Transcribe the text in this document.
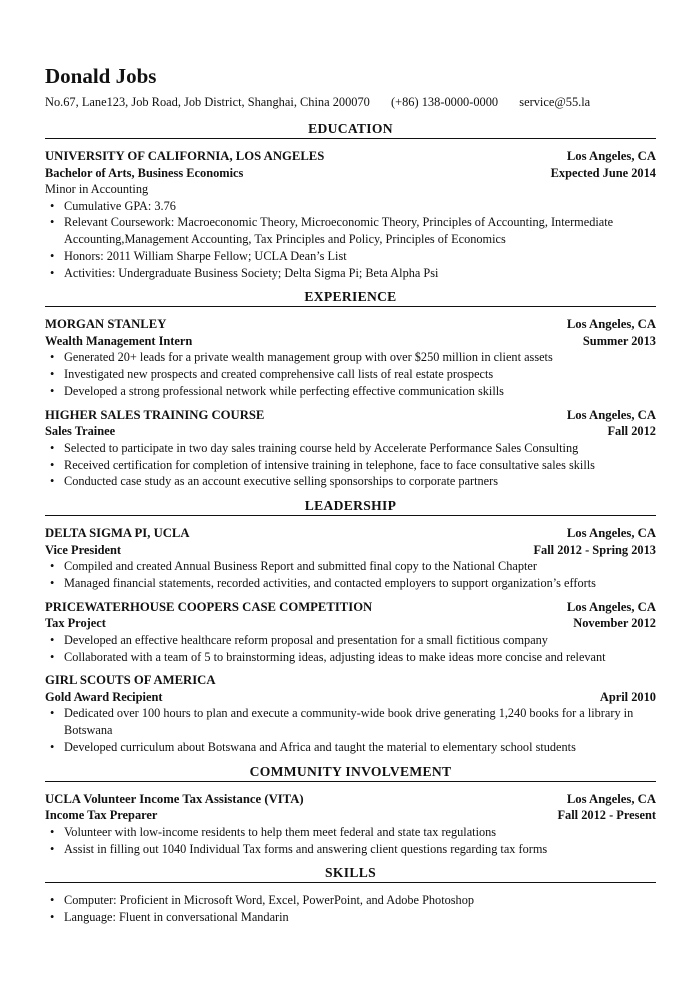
Donald Jobs
No.67, Lane123, Job Road, Job District, Shanghai, China 200070 (+86) 138-0000-0000 service@55.la
EDUCATION
UNIVERSITY OF CALIFORNIA, LOS ANGELES	Los Angeles, CA
Bachelor of Arts, Business Economics	Expected June 2014
Minor in Accounting
• Cumulative GPA: 3.76
• Relevant Coursework: Macroeconomic Theory, Microeconomic Theory, Principles of Accounting, Intermediate Accounting,Management Accounting, Tax Principles and Policy, Principles of Economics
• Honors: 2011 William Sharpe Fellow; UCLA Dean’s List
• Activities: Undergraduate Business Society; Delta Sigma Pi; Beta Alpha Psi
EXPERIENCE
MORGAN STANLEY	Los Angeles, CA
Wealth Management Intern	Summer 2013
• Generated 20+ leads for a private wealth management group with over $250 million in client assets
• Investigated new prospects and created comprehensive call lists of real estate prospects
• Developed a strong professional network while perfecting effective communication skills
HIGHER SALES TRAINING COURSE	Los Angeles, CA
Sales Trainee	Fall 2012
• Selected to participate in two day sales training course held by Accelerate Performance Sales Consulting
• Received certification for completion of intensive training in telephone, face to face consultative sales skills
• Conducted case study as an account executive selling sponsorships to corporate partners
LEADERSHIP
DELTA SIGMA PI, UCLA	Los Angeles, CA
Vice President	Fall 2012 - Spring 2013
• Compiled and created Annual Business Report and submitted final copy to the National Chapter
• Managed financial statements, recorded activities, and contacted employers to support organization’s efforts
PRICEWATERHOUSE COOPERS CASE COMPETITION	Los Angeles, CA
Tax Project	November 2012
• Developed an effective healthcare reform proposal and presentation for a small fictitious company
• Collaborated with a team of 5 to brainstorming ideas, adjusting ideas to make ideas more concise and relevant
GIRL SCOUTS OF AMERICA
Gold Award Recipient	April 2010
• Dedicated over 100 hours to plan and execute a community-wide book drive generating 1,240 books for a library in Botswana
• Developed curriculum about Botswana and Africa and taught the material to elementary school students
COMMUNITY INVOLVEMENT
UCLA Volunteer Income Tax Assistance (VITA)	Los Angeles, CA
Income Tax Preparer	Fall 2012 - Present
• Volunteer with low-income residents to help them meet federal and state tax regulations
• Assist in filling out 1040 Individual Tax forms and answering client questions regarding tax forms
SKILLS
• Computer: Proficient in Microsoft Word, Excel, PowerPoint, and Adobe Photoshop
• Language: Fluent in conversational Mandarin
